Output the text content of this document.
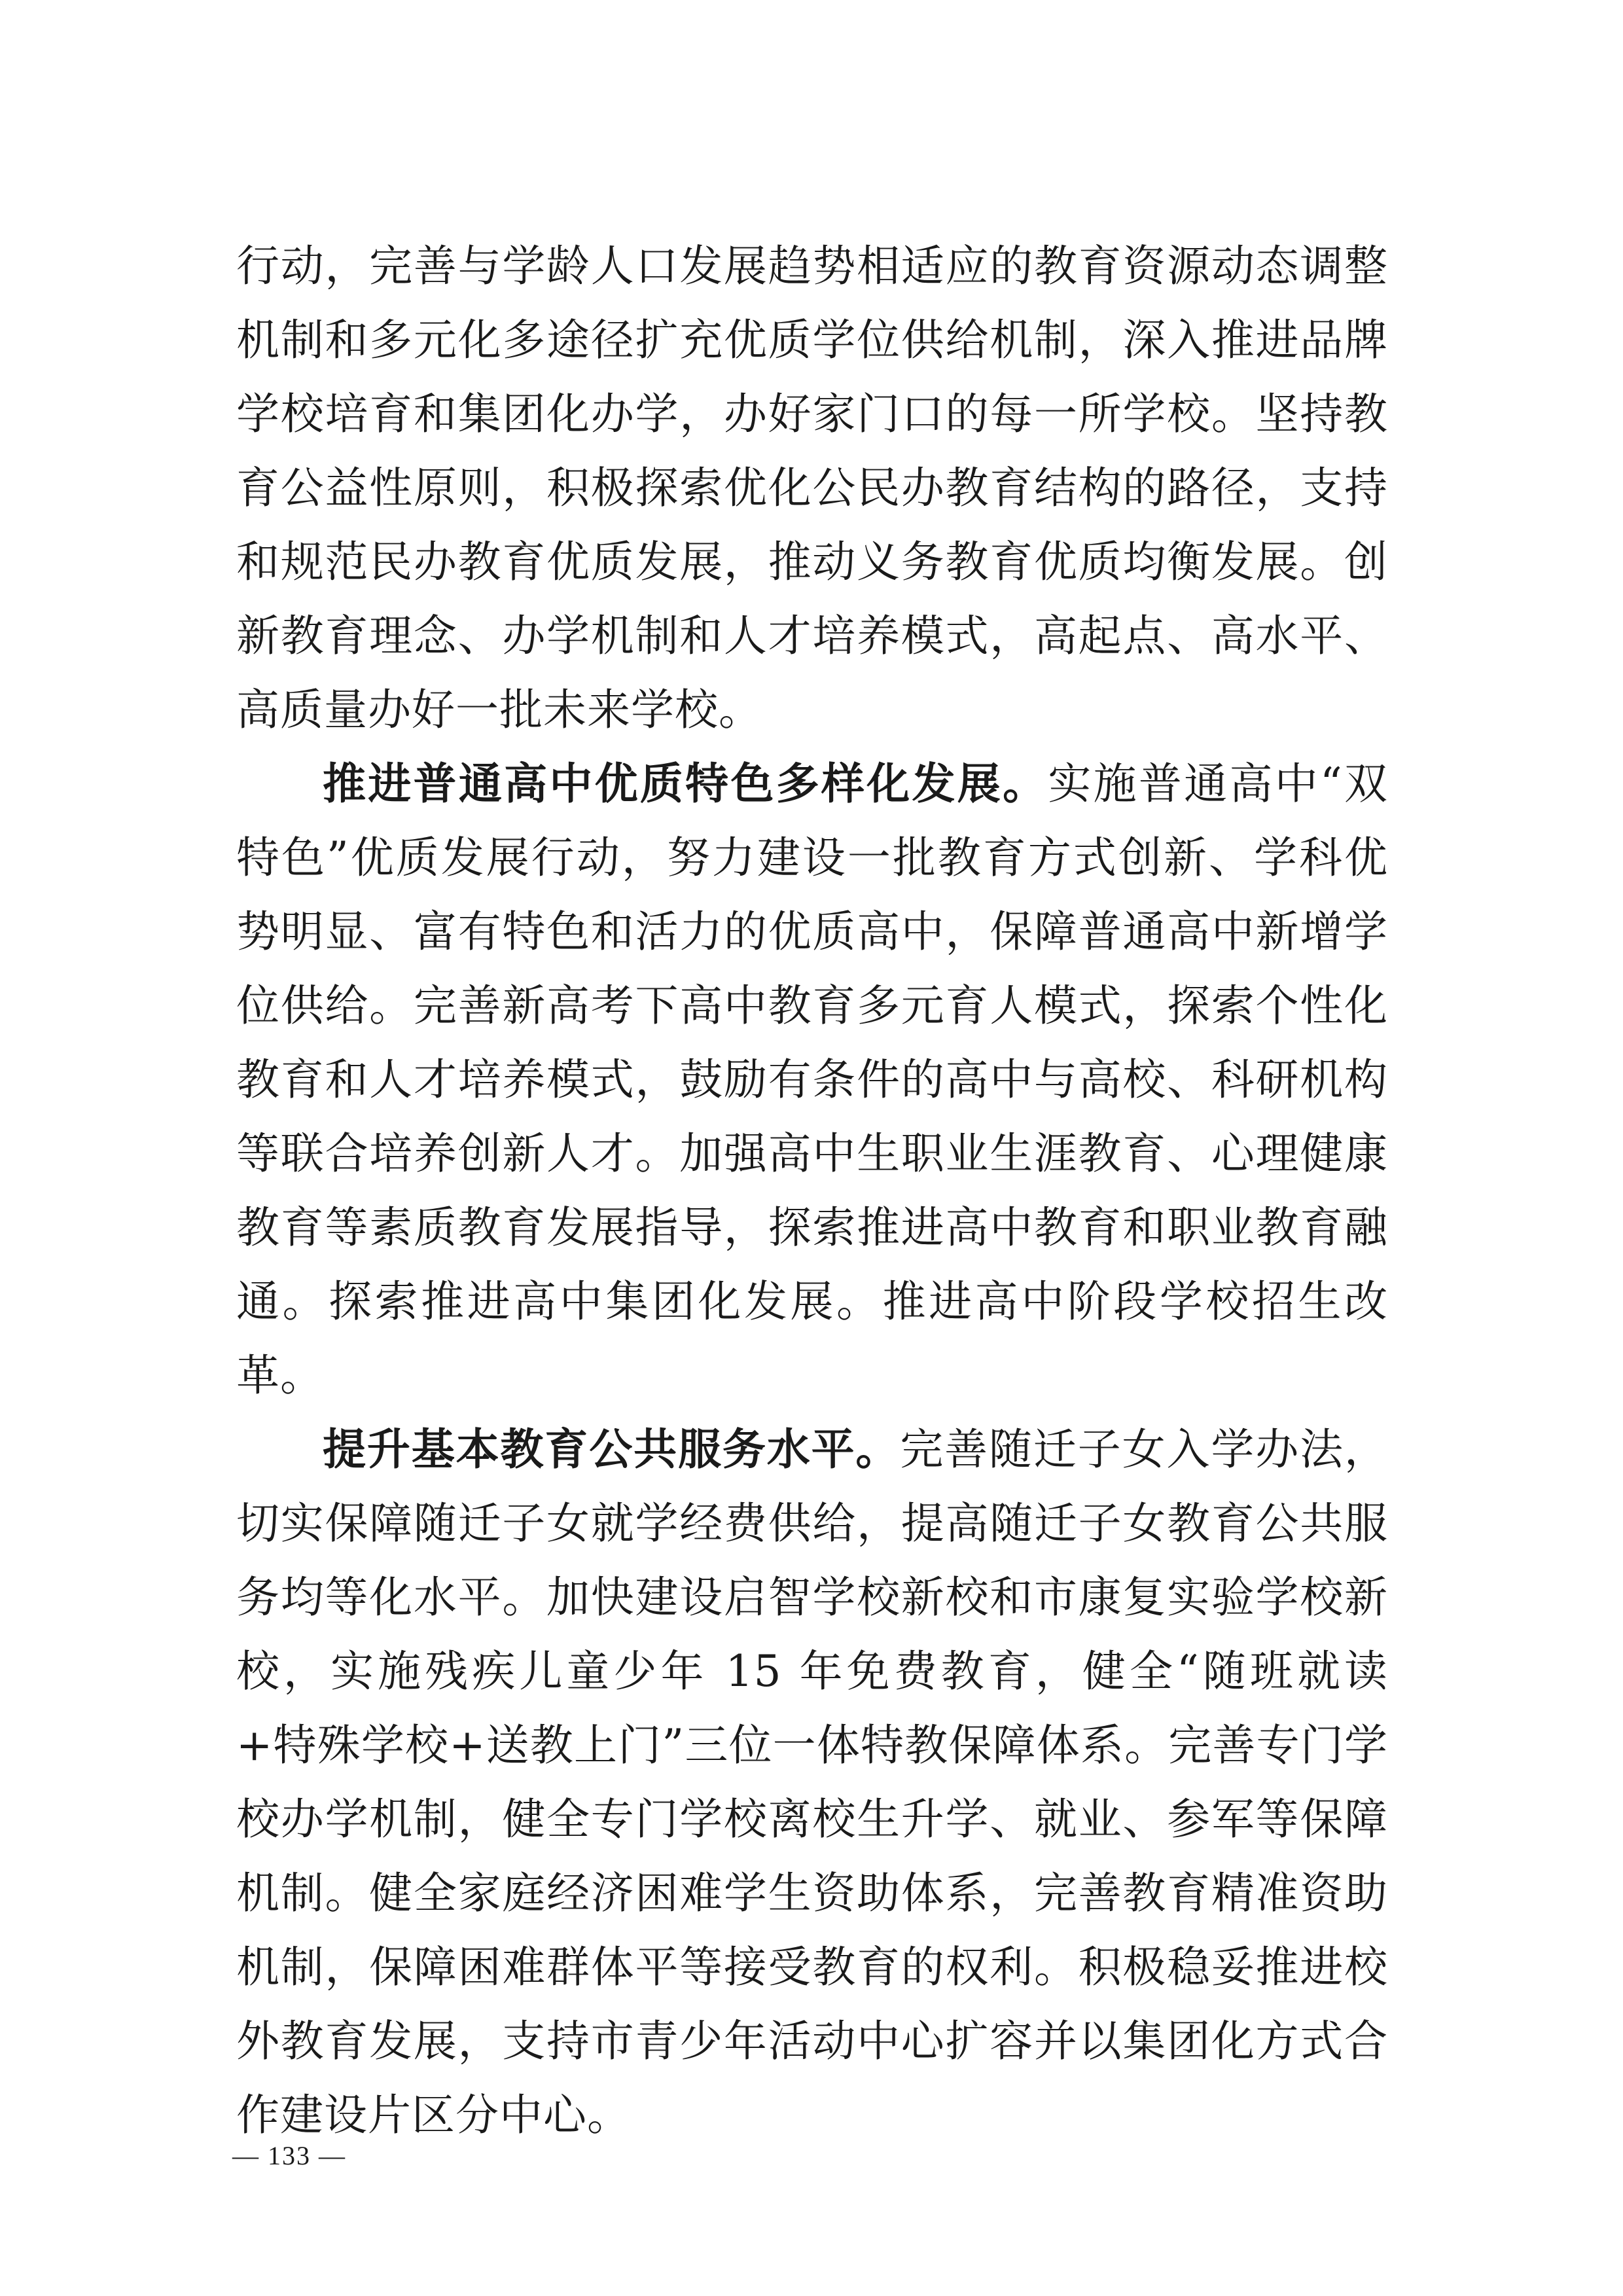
行动，完善与学龄人口发展趋势相适应的教育资源动态调整机制和多元化多途径扩充优质学位供给机制，深入推进品牌学校培育和集团化办学，办好家门口的每一所学校。坚持教育公益性原则，积极探索优化公民办教育结构的路径，支持和规范民办教育优质发展，推动义务教育优质均衡发展。创新教育理念、办学机制和人才培养模式，高起点、高水平、高质量办好一批未来学校。

推进普通高中优质特色多样化发展。实施普通高中“双特色”优质发展行动，努力建设一批教育方式创新、学科优势明显、富有特色和活力的优质高中，保障普通高中新增学位供给。完善新高考下高中教育多元育人模式，探索个性化教育和人才培养模式，鼓励有条件的高中与高校、科研机构等联合培养创新人才。加强高中生职业生涯教育、心理健康教育等素质教育发展指导，探索推进高中教育和职业教育融通。探索推进高中集团化发展。推进高中阶段学校招生改革。

提升基本教育公共服务水平。完善随迁子女入学办法，切实保障随迁子女就学经费供给，提高随迁子女教育公共服务均等化水平。加快建设启智学校新校和市康复实验学校新校，实施残疾儿童少年 15 年免费教育，健全“随班就读+特殊学校+送教上门”三位一体特教保障体系。完善专门学校办学机制，健全专门学校离校生升学、就业、参军等保障机制。健全家庭经济困难学生资助体系，完善教育精准资助机制，保障困难群体平等接受教育的权利。积极稳妥推进校外教育发展，支持市青少年活动中心扩容并以集团化方式合作建设片区分中心。

— 133 —
